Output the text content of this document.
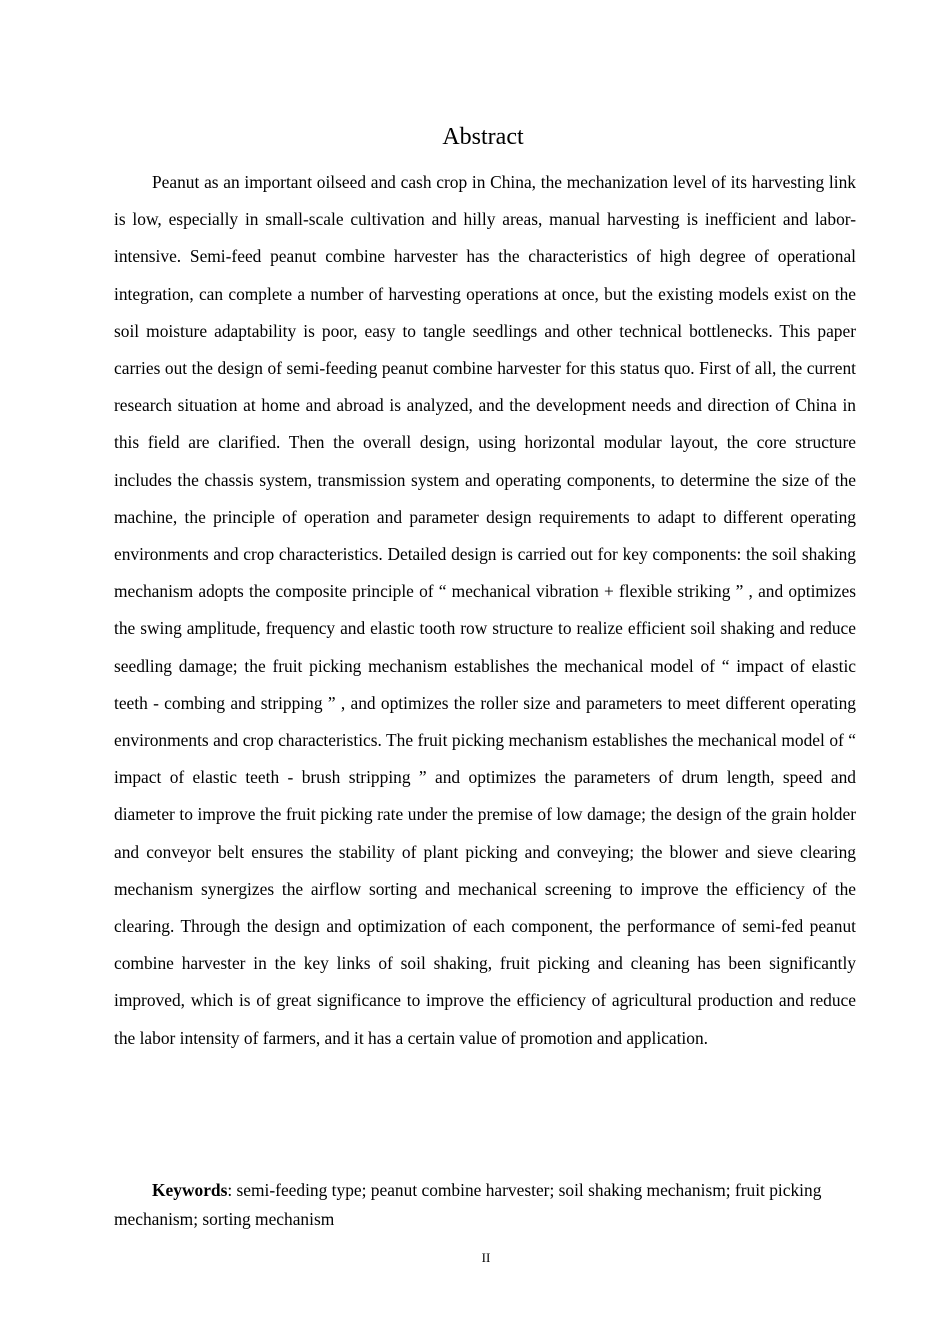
Abstract

Peanut as an important oilseed and cash crop in China, the mechanization level of its harvesting link is low, especially in small-scale cultivation and hilly areas, manual harvesting is inefficient and labor-intensive. Semi-feed peanut combine harvester has the characteristics of high degree of operational integration, can complete a number of harvesting operations at once, but the existing models exist on the soil moisture adaptability is poor, easy to tangle seedlings and other technical bottlenecks. This paper carries out the design of semi-feeding peanut combine harvester for this status quo. First of all, the current research situation at home and abroad is analyzed, and the development needs and direction of China in this field are clarified. Then the overall design, using horizontal modular layout, the core structure includes the chassis system, transmission system and operating components, to determine the size of the machine, the principle of operation and parameter design requirements to adapt to different operating environments and crop characteristics. Detailed design is carried out for key components: the soil shaking mechanism adopts the composite principle of “ mechanical vibration + flexible striking ” , and optimizes the swing amplitude, frequency and elastic tooth row structure to realize efficient soil shaking and reduce seedling damage; the fruit picking mechanism establishes the mechanical model of “ impact of elastic teeth - combing and stripping ” , and optimizes the roller size and parameters to meet different operating environments and crop characteristics. The fruit picking mechanism establishes the mechanical model of “ impact of elastic teeth - brush stripping ” and optimizes the parameters of drum length, speed and diameter to improve the fruit picking rate under the premise of low damage; the design of the grain holder and conveyor belt ensures the stability of plant picking and conveying; the blower and sieve clearing mechanism synergizes the airflow sorting and mechanical screening to improve the efficiency of the clearing. Through the design and optimization of each component, the performance of semi-fed peanut combine harvester in the key links of soil shaking, fruit picking and cleaning has been significantly improved, which is of great significance to improve the efficiency of agricultural production and reduce the labor intensity of farmers, and it has a certain value of promotion and application.

Keywords: semi-feeding type; peanut combine harvester; soil shaking mechanism; fruit picking mechanism; sorting mechanism

II
